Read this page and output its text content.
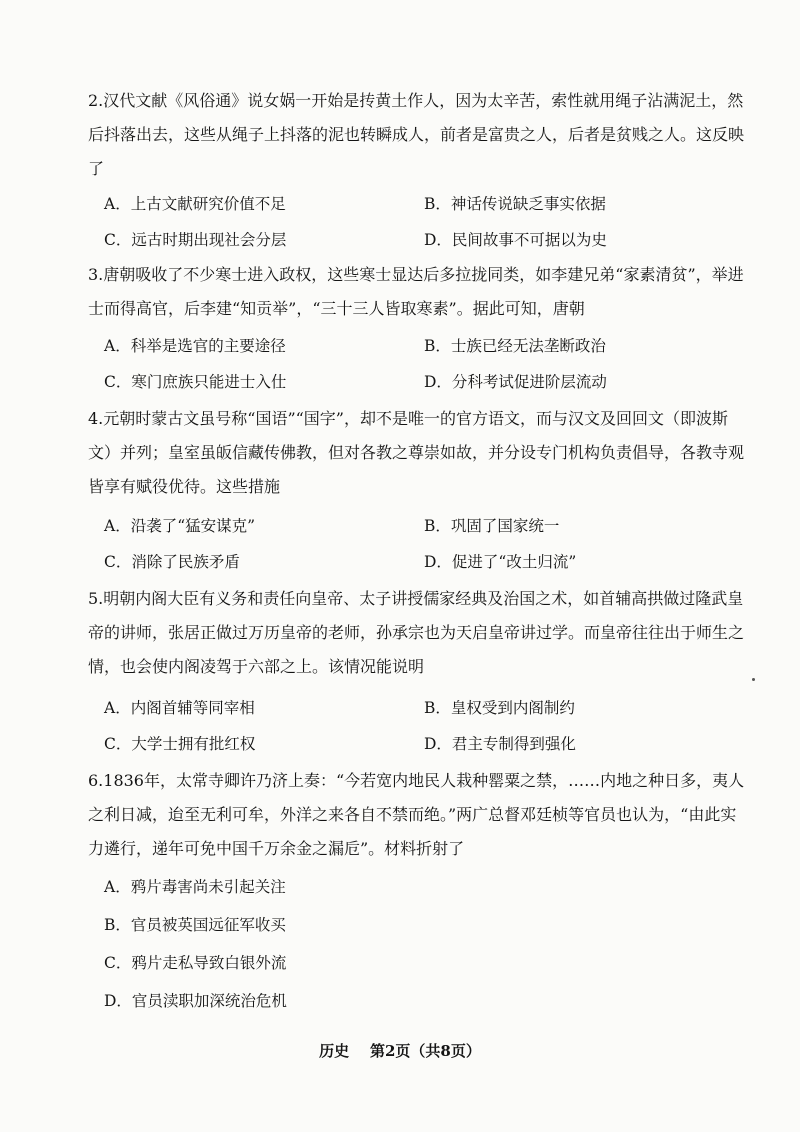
2.汉代文献《风俗通》说女娲一开始是抟黄土作人，因为太辛苦，索性就用绳子沾满泥土，然后抖落出去，这些从绳子上抖落的泥也转瞬成人，前者是富贵之人，后者是贫贱之人。这反映了

A．上古文献研究价值不足	B．神话传说缺乏事实依据
C．远古时期出现社会分层	D．民间故事不可据以为史

3.唐朝吸收了不少寒士进入政权，这些寒士显达后多拉拢同类，如李建兄弟“家素清贫”，举进士而得高官，后李建“知贡举”，“三十三人皆取寒素”。据此可知，唐朝

A．科举是选官的主要途径	B．士族已经无法垄断政治
C．寒门庶族只能进士入仕	D．分科考试促进阶层流动

4.元朝时蒙古文虽号称“国语”“国字”，却不是唯一的官方语文，而与汉文及回回文（即波斯文）并列；皇室虽皈信藏传佛教，但对各教之尊崇如故，并分设专门机构负责倡导，各教寺观皆享有赋役优待。这些措施

A．沿袭了“猛安谋克”	B．巩固了国家统一
C．消除了民族矛盾	D．促进了“改土归流”

5.明朝内阁大臣有义务和责任向皇帝、太子讲授儒家经典及治国之术，如首辅高拱做过隆武皇帝的讲师，张居正做过万历皇帝的老师，孙承宗也为天启皇帝讲过学。而皇帝往往出于师生之情，也会使内阁凌驾于六部之上。该情况能说明

A．内阁首辅等同宰相	B．皇权受到内阁制约
C．大学士拥有批红权	D．君主专制得到强化

6.1836年，太常寺卿许乃济上奏：“今若宽内地民人栽种罂粟之禁，……内地之种日多，夷人之利日减，迨至无利可牟，外洋之来各自不禁而绝。”两广总督邓廷桢等官员也认为，“由此实力遴行，递年可免中国千万余金之漏卮”。材料折射了

A．鸦片毒害尚未引起关注
B．官员被英国远征军收买
C．鸦片走私导致白银外流
D．官员渎职加深统治危机
历史    第2页（共8页）
